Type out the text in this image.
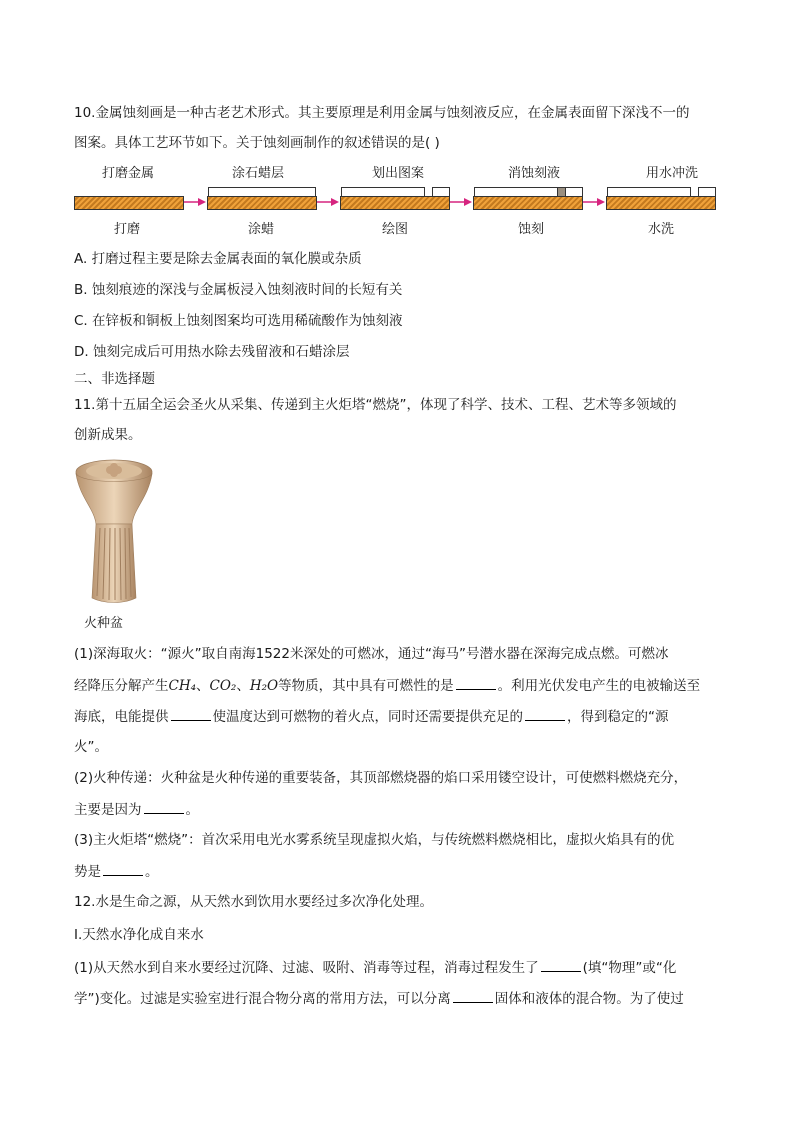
10.金属蚀刻画是一种古老艺术形式。其主要原理是利用金属与蚀刻液反应，在金属表面留下深浅不一的
图案。具体工艺环节如下。关于蚀刻画制作的叙述错误的是( )
打磨金属	涂石蜡层	划出图案	消蚀刻液	用水冲洗
打磨	涂蜡	绘图	蚀刻	水洗
A. 打磨过程主要是除去金属表面的氧化膜或杂质
B. 蚀刻痕迹的深浅与金属板浸入蚀刻液时间的长短有关
C. 在锌板和铜板上蚀刻图案均可选用稀硫酸作为蚀刻液
D. 蚀刻完成后可用热水除去残留液和石蜡涂层
二、非选择题
11.第十五届全运会圣火从采集、传递到主火炬塔“燃烧”，体现了科学、技术、工程、艺术等多领域的
创新成果。
火种盆
(1)深海取火：“源火”取自南海1522米深处的可燃冰，通过“海马”号潜水器在深海完成点燃。可燃冰
经降压分解产生CH₄、CO₂、H₂O等物质，其中具有可燃性的是	。利用光伏发电产生的电被输送至
海底，电能提供	使温度达到可燃物的着火点，同时还需要提供充足的	，得到稳定的“源
火”。
(2)火种传递：火种盆是火种传递的重要装备，其顶部燃烧器的焰口采用镂空设计，可使燃料燃烧充分，
主要是因为	。
(3)主火炬塔“燃烧”：首次采用电光水雾系统呈现虚拟火焰，与传统燃料燃烧相比，虚拟火焰具有的优
势是	。
12.水是生命之源，从天然水到饮用水要经过多次净化处理。
Ⅰ.天然水净化成自来水
(1)从天然水到自来水要经过沉降、过滤、吸附、消毒等过程，消毒过程发生了	(填“物理”或“化
学”)变化。过滤是实验室进行混合物分离的常用方法，可以分离	固体和液体的混合物。为了使过
